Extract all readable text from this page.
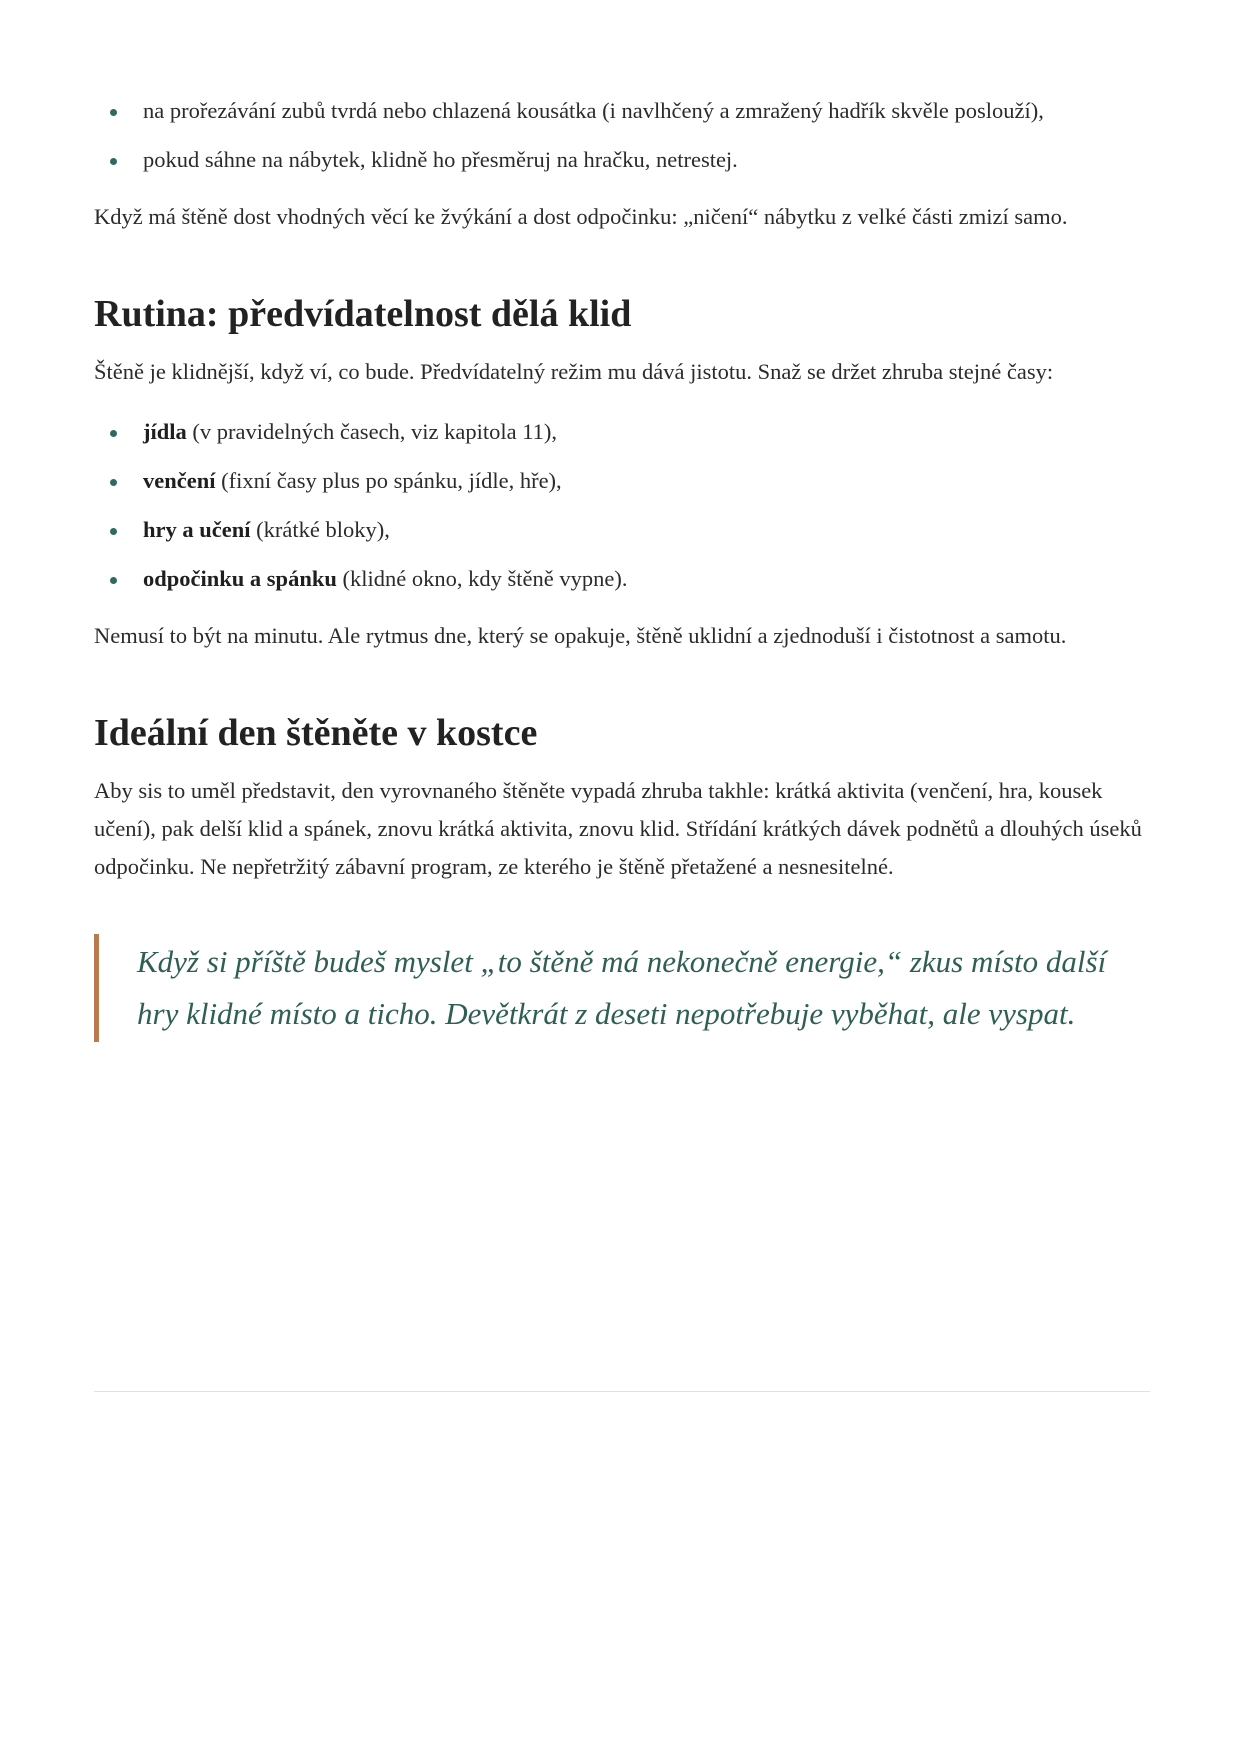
na prořezávání zubů tvrdá nebo chlazená kousátka (i navlhčený a zmražený hadřík skvěle poslouží),
pokud sáhne na nábytek, klidně ho přesměruj na hračku, netrestej.

Když má štěně dost vhodných věcí ke žvýkání a dost odpočinku: „ničení“ nábytku z velké části zmizí samo.

Rutina: předvídatelnost dělá klid

Štěně je klidnější, když ví, co bude. Předvídatelný režim mu dává jistotu. Snaž se držet zhruba stejné časy:

jídla (v pravidelných časech, viz kapitola 11),
venčení (fixní časy plus po spánku, jídle, hře),
hry a učení (krátké bloky),
odpočinku a spánku (klidné okno, kdy štěně vypne).

Nemusí to být na minutu. Ale rytmus dne, který se opakuje, štěně uklidní a zjednoduší i čistotnost a samotu.

Ideální den štěněte v kostce

Aby sis to uměl představit, den vyrovnaného štěněte vypadá zhruba takhle: krátká aktivita (venčení, hra, kousek učení), pak delší klid a spánek, znovu krátká aktivita, znovu klid. Střídání krátkých dávek podnětů a dlouhých úseků odpočinku. Ne nepřetržitý zábavní program, ze kterého je štěně přetažené a nesnesitelné.

Když si příště budeš myslet „to štěně má nekonečně energie,“ zkus místo další hry klidné místo a ticho. Devětkrát z deseti nepotřebuje vyběhat, ale vyspat.
